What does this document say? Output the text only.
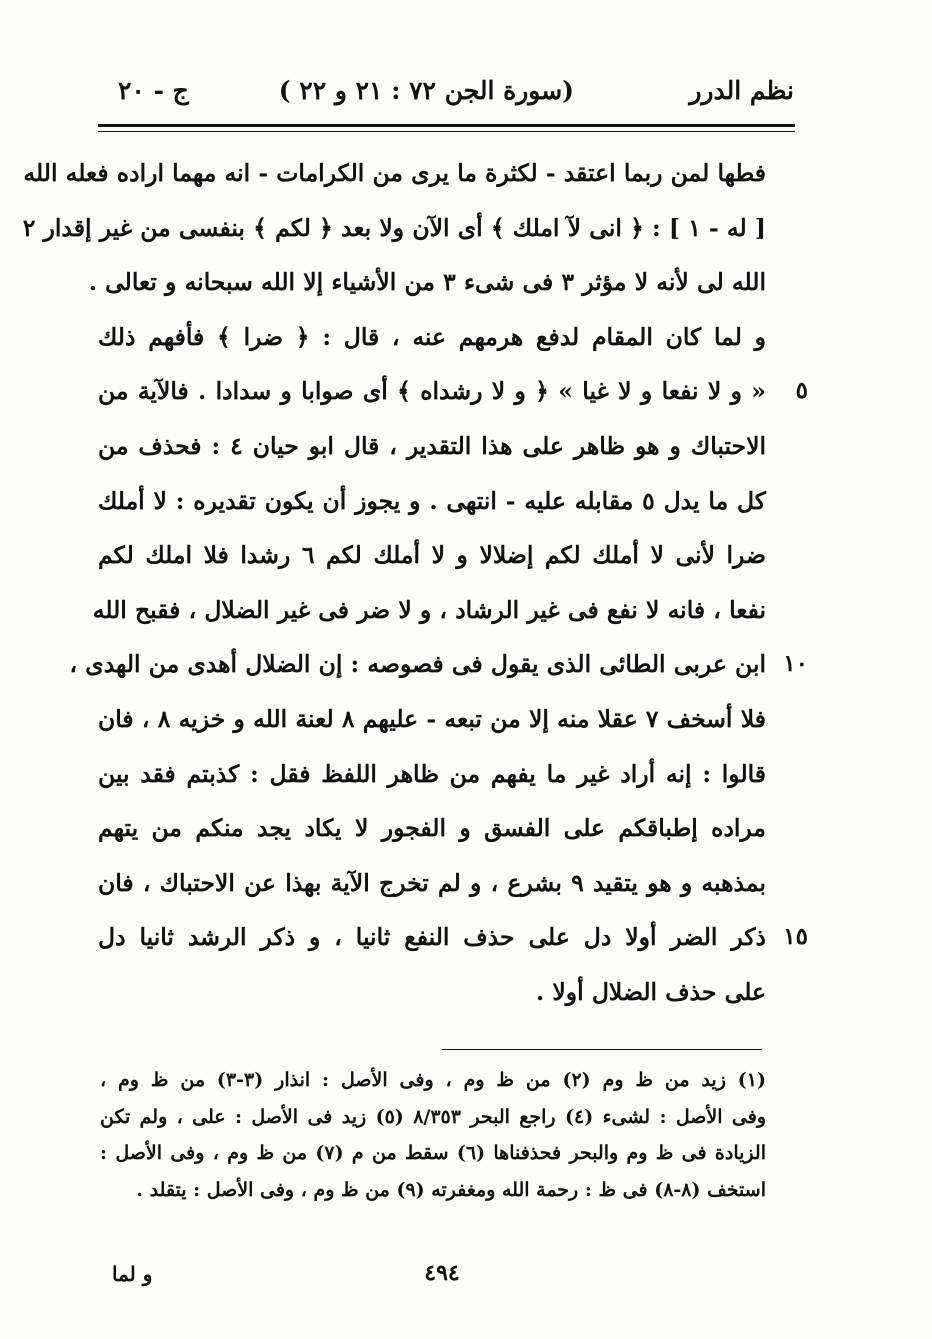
نظم الدرر
(سورة الجن ٧٢ : ٢١ و ٢٢ )
ج - ٢٠
فطها لمن ربما اعتقد - لكثرة ما يرى من الكرامات - انه مهما اراده فعله الله
[ له - ١ ] : ﴿ انى لآ املك ﴾ أى الآن ولا بعد ﴿ لكم ﴾ بنفسى من غير إقدار ٢
الله لى لأنه لا مؤثر ٣ فى شىء ٣ من الأشياء إلا الله سبحانه و تعالى .
و لما كان المقام لدفع هرمهم عنه ، قال : ﴿ ضرا ﴾ فأفهم ذلك
٥
« و لا نفعا و لا غيا » ﴿ و لا رشداه ﴾ أى صوابا و سدادا . فالآية من
الاحتباك و هو ظاهر على هذا التقدير ، قال ابو حيان ٤ : فحذف من
كل ما يدل ٥ مقابله عليه - انتهى . و يجوز أن يكون تقديره : لا أملك
ضرا لأنى لا أملك لكم إضلالا و لا أملك لكم ٦ رشدا فلا املك لكم
نفعا ، فانه لا نفع فى غير الرشاد ، و لا ضر فى غير الضلال ، فقبح الله
١٠
ابن عربى الطائى الذى يقول فى فصوصه : إن الضلال أهدى من الهدى ،
فلا أسخف ٧ عقلا منه إلا من تبعه - عليهم ٨ لعنة الله و خزيه ٨ ، فان
قالوا : إنه أراد غير ما يفهم من ظاهر اللفظ فقل : كذبتم فقد بين
مراده إطباقكم على الفسق و الفجور لا يكاد يجد منكم من يتهم
بمذهبه و هو يتقيد ٩ بشرع ، و لم تخرج الآية بهذا عن الاحتباك ، فان
١٥
ذكر الضر أولا دل على حذف النفع ثانيا ، و ذكر الرشد ثانيا دل
على حذف الضلال أولا .
(١) زيد من ظ وم (٢) من ظ وم ، وفى الأصل : انذار (٣-٣) من ظ وم ،
وفى الأصل : لشىء (٤) راجع البحر ٨/٣٥٣ (٥) زيد فى الأصل : على ، ولم تكن
الزيادة فى ظ وم والبحر فحذفناها (٦) سقط من م (٧) من ظ وم ، وفى الأصل :
استخف (٨-٨) فى ظ : رحمة الله ومغفرته (٩) من ظ وم ، وفى الأصل : يتقلد .
و لما	٤٩٤
